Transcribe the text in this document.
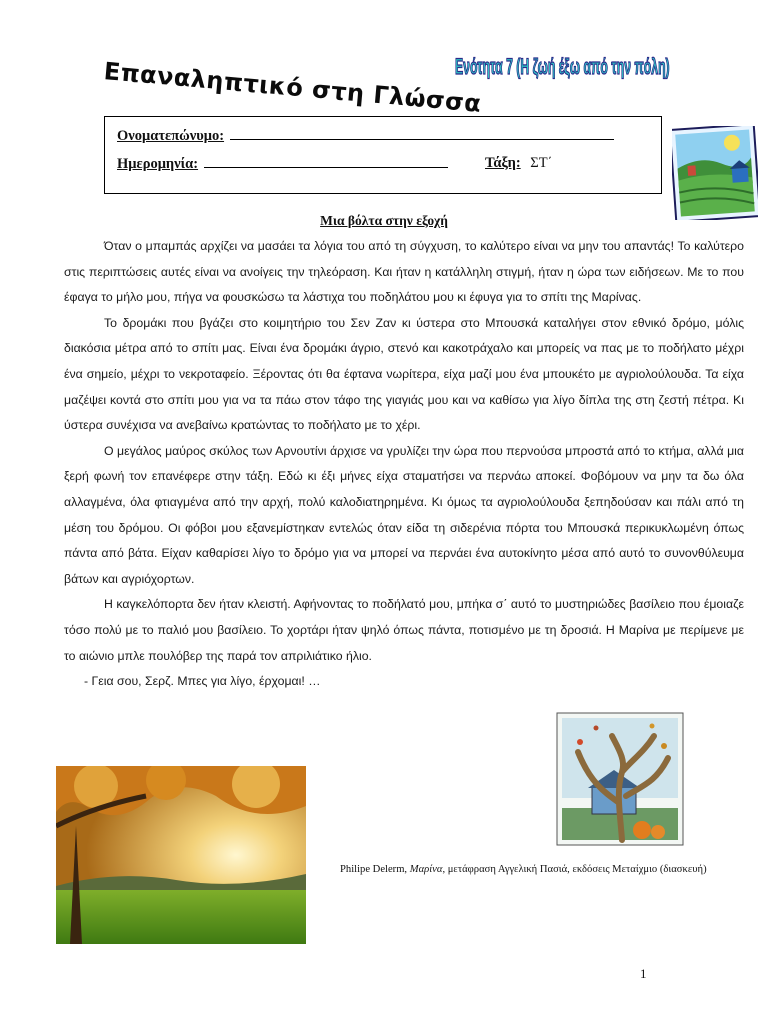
Επαναληπτικό στη Γλώσσα
Ενότητα 7 (Η ζωή έξω από την πόλη)
Ονοματεπώνυμο:
Ημερομηνία:	Τάξη: ΣΤ΄
Μια βόλτα στην εξοχή

Όταν ο μπαμπάς αρχίζει να μασάει τα λόγια του από τη σύγχυση, το καλύτερο είναι να μην του απαντάς! Το καλύτερο στις περιπτώσεις αυτές είναι να ανοίγεις την τηλεόραση. Και ήταν η κατάλληλη στιγμή, ήταν η ώρα των ειδήσεων. Με το που έφαγα το μήλο μου, πήγα να φουσκώσω τα λάστιχα του ποδηλάτου μου κι έφυγα για το σπίτι της Μαρίνας.

Το δρομάκι που βγάζει στο κοιμητήριο του Σεν Ζαν κι ύστερα στο Μπουσκά καταλήγει στον εθνικό δρόμο, μόλις διακόσια μέτρα από το σπίτι μας. Είναι ένα δρομάκι άγριο, στενό και κακοτράχαλο και μπορείς να πας με το ποδήλατο μέχρι ένα σημείο, μέχρι το νεκροταφείο. Ξέροντας ότι θα έφτανα νωρίτερα, είχα μαζί μου ένα μπουκέτο με αγριολούλουδα. Τα είχα μαζέψει κοντά στο σπίτι μου για να τα πάω στον τάφο της γιαγιάς μου και να καθίσω για λίγο δίπλα της στη ζεστή πέτρα. Κι ύστερα συνέχισα να ανεβαίνω κρατώντας το ποδήλατο με το χέρι.

Ο μεγάλος μαύρος σκύλος των Αρνουτίνι άρχισε να γρυλίζει την ώρα που περνούσα μπροστά από το κτήμα, αλλά μια ξερή φωνή τον επανέφερε στην τάξη. Εδώ κι έξι μήνες είχα σταματήσει να περνάω αποκεί. Φοβόμουν να μην τα δω όλα αλλαγμένα, όλα φτιαγμένα από την αρχή, πολύ καλοδιατηρημένα. Κι όμως τα αγριολούλουδα ξεπηδούσαν και πάλι από τη μέση του δρόμου. Οι φόβοι μου εξανεμίστηκαν εντελώς όταν είδα τη σιδερένια πόρτα του Μπουσκά περικυκλωμένη όπως πάντα από βάτα. Είχαν καθαρίσει λίγο το δρόμο για να μπορεί να περνάει ένα αυτοκίνητο μέσα από αυτό το συνονθύλευμα βάτων και αγριόχορτων.

Η καγκελόπορτα δεν ήταν κλειστή. Αφήνοντας το ποδήλατό μου, μπήκα σ΄ αυτό το μυστηριώδες βασίλειο που έμοιαζε τόσο πολύ με το παλιό μου βασίλειο. Το χορτάρι ήταν ψηλό όπως πάντα, ποτισμένο με τη δροσιά. Η Μαρίνα με περίμενε με το αιώνιο μπλε πουλόβερ της παρά τον απριλιάτικο ήλιο.

- Γεια σου, Σερζ. Μπες για λίγο, έρχομαι! …

Philipe Delerm, Μαρίνα, μετάφραση Αγγελική Πασιά, εκδόσεις Μεταίχμιο (διασκευή)
1
